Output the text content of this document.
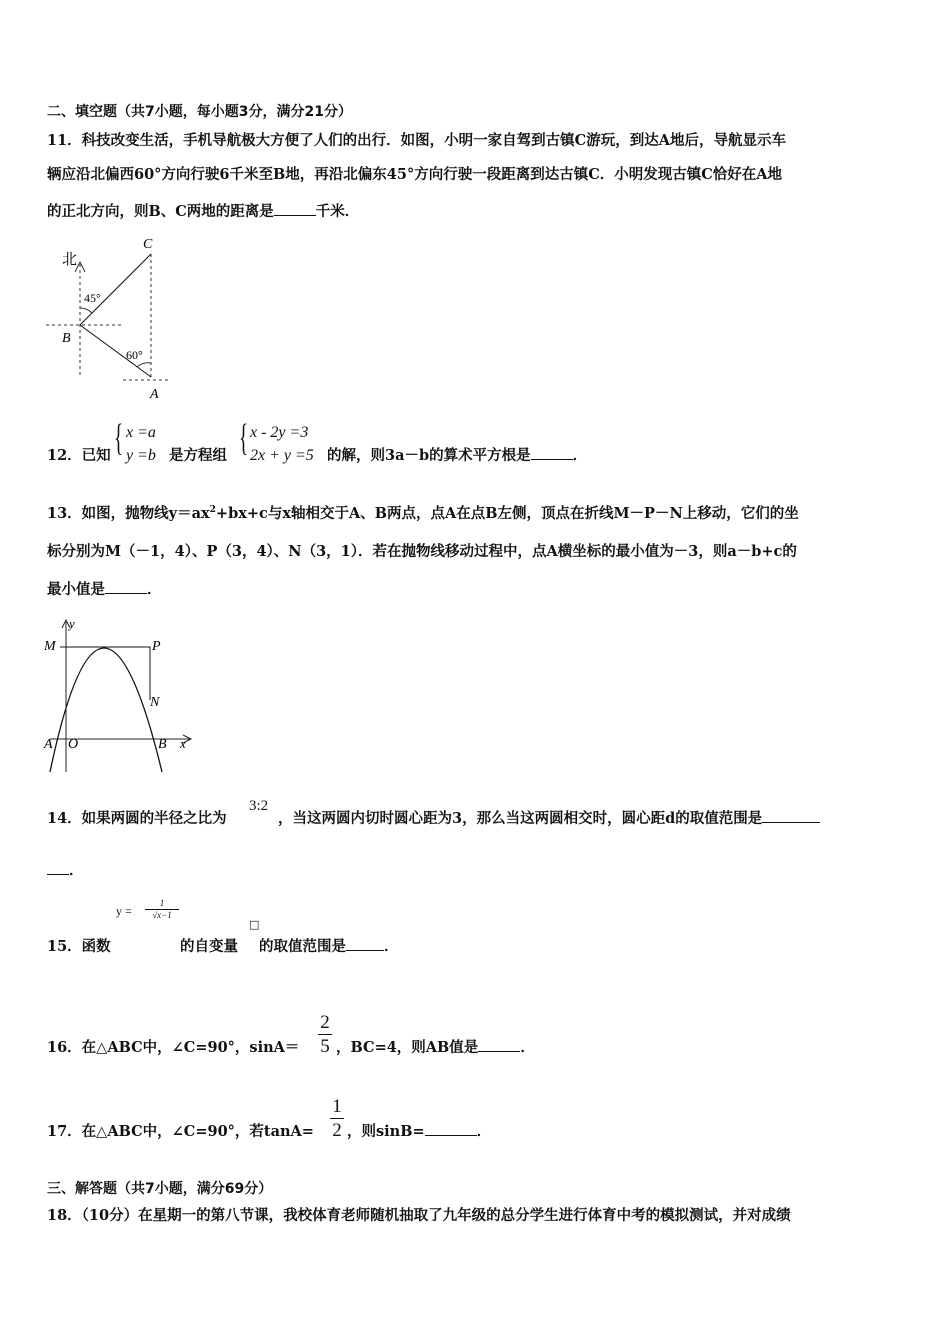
二、填空题（共7小题，每小题3分，满分21分）
11．科技改变生活，手机导航极大方便了人们的出行．如图，小明一家自驾到古镇C游玩，到达A地后，导航显示车
辆应沿北偏西60°方向行驶6千米至B地，再沿北偏东45°方向行驶一段距离到达古镇C．小明发现古镇C恰好在A地
的正北方向，则B、C两地的距离是	千米．
北
45°
60°
B
C
A
12．已知 { x =a
y =b 是方程组 { x - 2y =3
2x + y =5 的解，则3a－b的算术平方根是	．
13．如图，抛物线$y=ax^2+bx+c$与x轴相交于A、B两点，点A在点B左侧，顶点在折线M－P－N上移动，它们的坐
标分别为M（－1，4）、P（3，4）、N（3，1）．若在抛物线移动过程中，点A横坐标的最小值为－3，则a－b+c的
最小值是	．
y
x
M	P
N
A O	B
14．如果两圆的半径之比为
3:2
，当这两圆内切时圆心距为3，那么当这两圆相交时，圆心距d的取值范围是
．
$y = \frac{1}{√x-1}$
□
15．函数	的自变量 的取值范围是	．
16．在△ABC中，∠C=90°，sinA＝
2
5 ，BC=4，则AB值是	．
17．在△ABC中，∠C=90°，若tanA=
1
2 ，则sinB=	．
三、解答题（共7小题，满分69分）
18．（10分）在星期一的第八节课，我校体育老师随机抽取了九年级的总分学生进行体育中考的模拟测试，并对成绩
